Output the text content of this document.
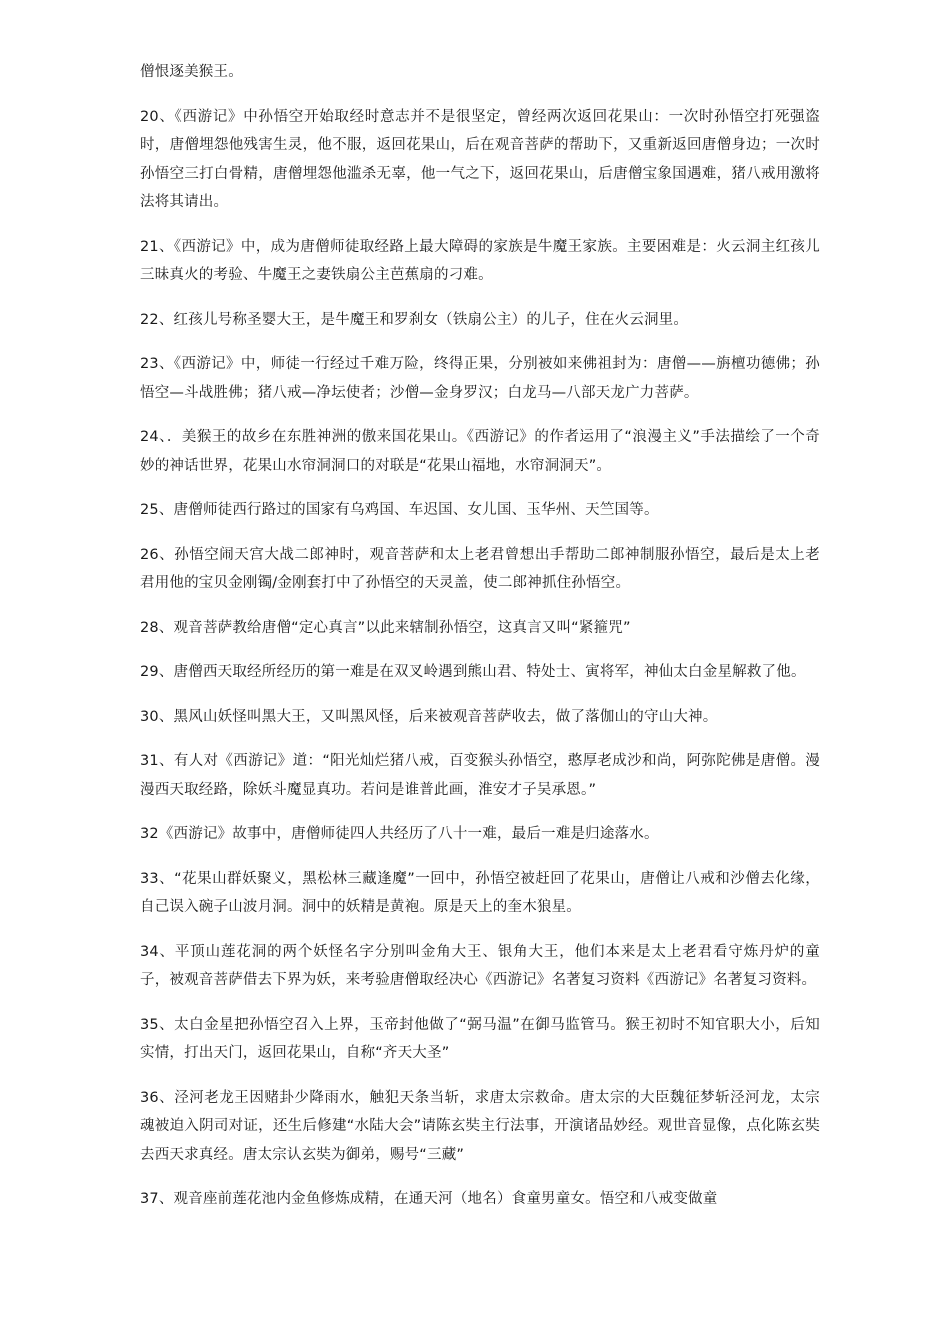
僧恨逐美猴王。

20、《西游记》中孙悟空开始取经时意志并不是很坚定，曾经两次返回花果山：一次时孙悟空打死强盗时，唐僧埋怨他残害生灵，他不服，返回花果山，后在观音菩萨的帮助下，又重新返回唐僧身边；一次时孙悟空三打白骨精，唐僧埋怨他滥杀无辜，他一气之下，返回花果山，后唐僧宝象国遇难，猪八戒用激将法将其请出。

21、《西游记》中，成为唐僧师徒取经路上最大障碍的家族是牛魔王家族。主要困难是：火云洞主红孩儿三昧真火的考验、牛魔王之妻铁扇公主芭蕉扇的刁难。

22、红孩儿号称圣婴大王，是牛魔王和罗刹女（铁扇公主）的儿子，住在火云洞里。

23、《西游记》中，师徒一行经过千难万险，终得正果，分别被如来佛祖封为：唐僧——旃檀功德佛；孙悟空—斗战胜佛；猪八戒—净坛使者；沙僧—金身罗汉；白龙马—八部天龙广力菩萨。

24、．美猴王的故乡在东胜神洲的傲来国花果山。《西游记》的作者运用了“浪漫主义”手法描绘了一个奇妙的神话世界，花果山水帘洞洞口的对联是“花果山福地，水帘洞洞天”。

25、唐僧师徒西行路过的国家有乌鸡国、车迟国、女儿国、玉华州、天竺国等。

26、孙悟空闹天宫大战二郎神时，观音菩萨和太上老君曾想出手帮助二郎神制服孙悟空，最后是太上老君用他的宝贝金刚镯/金刚套打中了孙悟空的天灵盖，使二郎神抓住孙悟空。

28、观音菩萨教给唐僧“定心真言”以此来辖制孙悟空，这真言又叫“紧箍咒”

29、唐僧西天取经所经历的第一难是在双叉岭遇到熊山君、特处士、寅将军，神仙太白金星解救了他。

30、黑风山妖怪叫黑大王，又叫黑风怪，后来被观音菩萨收去，做了落伽山的守山大神。

31、有人对《西游记》道：“阳光灿烂猪八戒，百变猴头孙悟空，憨厚老成沙和尚，阿弥陀佛是唐僧。漫漫西天取经路，除妖斗魔显真功。若问是谁普此画，淮安才子吴承恩。”

32《西游记》故事中，唐僧师徒四人共经历了八十一难，最后一难是归途落水。

33、“花果山群妖聚义，黑松林三藏逢魔”一回中，孙悟空被赶回了花果山，唐僧让八戒和沙僧去化缘，自己误入碗子山波月洞。洞中的妖精是黄袍。原是天上的奎木狼星。

34、平顶山莲花洞的两个妖怪名字分别叫金角大王、银角大王，他们本来是太上老君看守炼丹炉的童子，被观音菩萨借去下界为妖，来考验唐僧取经决心《西游记》名著复习资料《西游记》名著复习资料。

35、太白金星把孙悟空召入上界，玉帝封他做了“弼马温”在御马监管马。猴王初时不知官职大小，后知实情，打出天门，返回花果山，自称“齐天大圣”

36、泾河老龙王因赌卦少降雨水，触犯天条当斩，求唐太宗救命。唐太宗的大臣魏征梦斩泾河龙，太宗魂被迫入阴司对证，还生后修建“水陆大会”请陈玄奘主行法事，开演诸品妙经。观世音显像，点化陈玄奘去西天求真经。唐太宗认玄奘为御弟，赐号“三藏”

37、观音座前莲花池内金鱼修炼成精，在通天河（地名）食童男童女。悟空和八戒变做童
